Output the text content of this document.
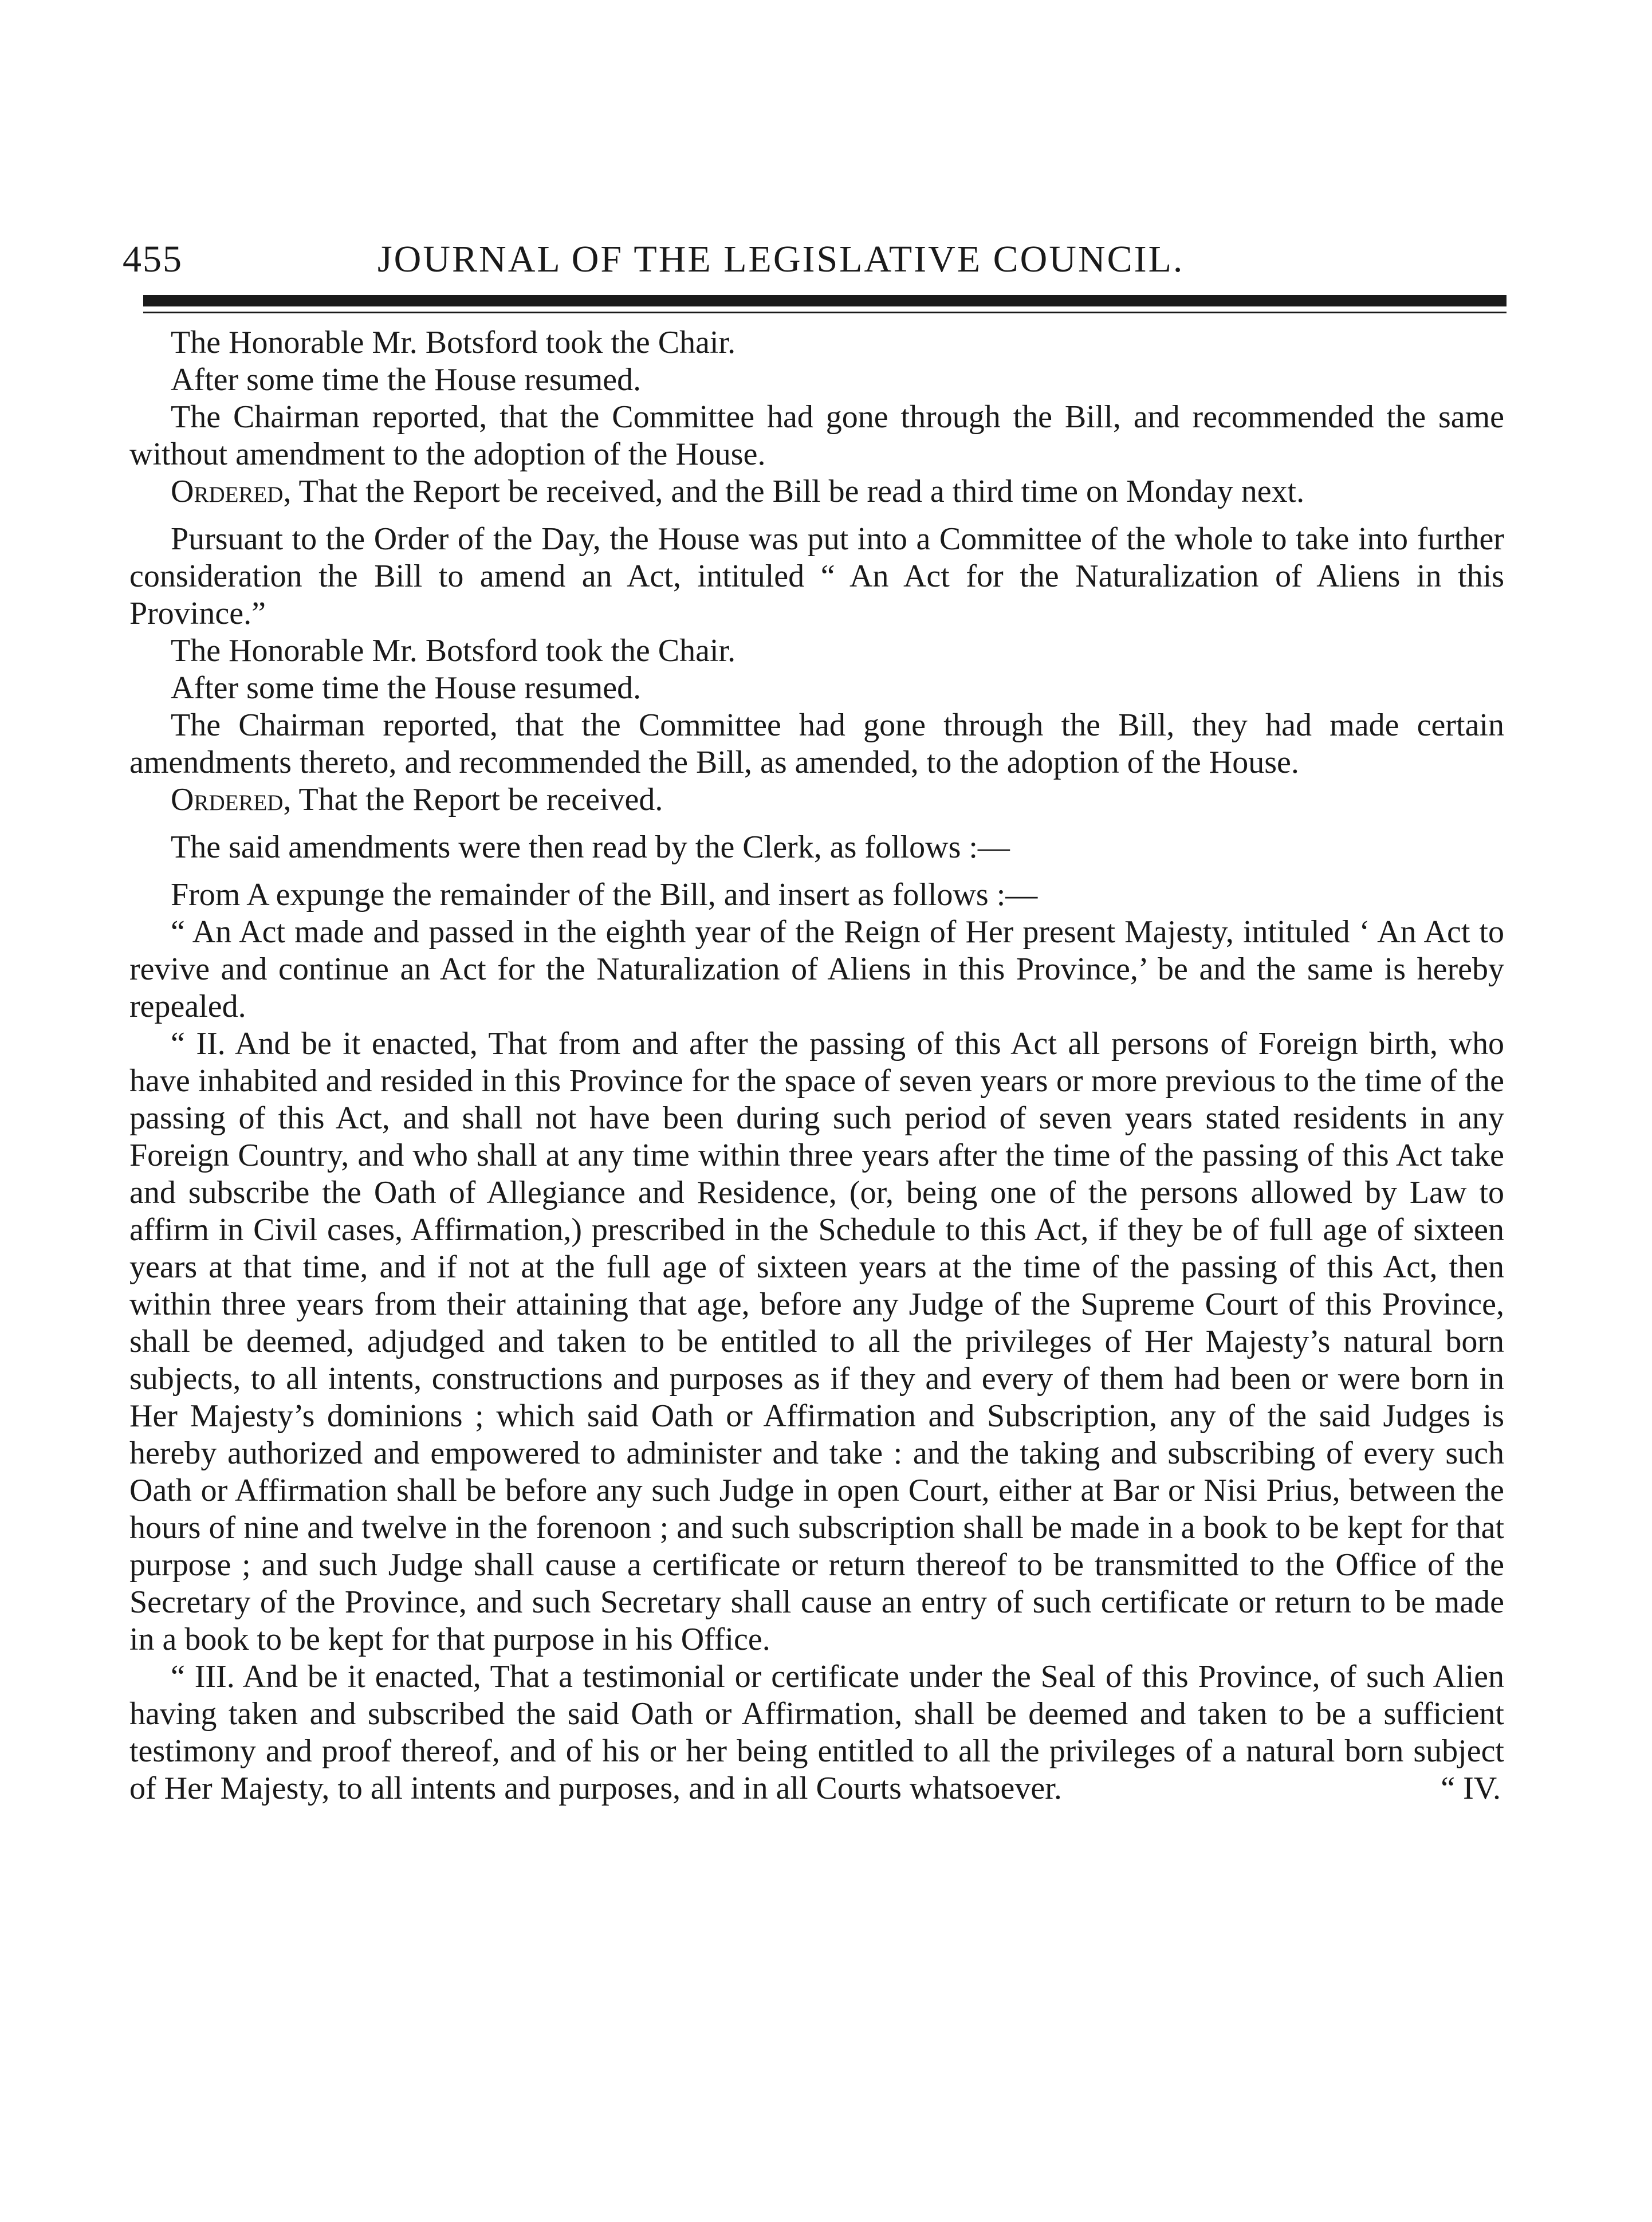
455	JOURNAL OF THE LEGISLATIVE COUNCIL.

The Honorable Mr. Botsford took the Chair.

After some time the House resumed.

The Chairman reported, that the Committee had gone through the Bill, and recommended the same without amendment to the adoption of the House.

Ordered, That the Report be received, and the Bill be read a third time on Monday next.

Pursuant to the Order of the Day, the House was put into a Committee of the whole to take into further consideration the Bill to amend an Act, intituled “ An Act for the Naturalization of Aliens in this Province.”

The Honorable Mr. Botsford took the Chair.

After some time the House resumed.

The Chairman reported, that the Committee had gone through the Bill, they had made certain amendments thereto, and recommended the Bill, as amended, to the adoption of the House.

Ordered, That the Report be received.

The said amendments were then read by the Clerk, as follows :—

From A expunge the remainder of the Bill, and insert as follows :—

“ An Act made and passed in the eighth year of the Reign of Her present Majesty, intituled ‘ An Act to revive and continue an Act for the Naturalization of Aliens in this Province,’ be and the same is hereby repealed.

“ II. And be it enacted, That from and after the passing of this Act all persons of Foreign birth, who have inhabited and resided in this Province for the space of seven years or more previous to the time of the passing of this Act, and shall not have been during such period of seven years stated residents in any Foreign Country, and who shall at any time within three years after the time of the passing of this Act take and subscribe the Oath of Allegiance and Residence, (or, being one of the persons allowed by Law to affirm in Civil cases, Affirmation,) prescribed in the Schedule to this Act, if they be of full age of sixteen years at that time, and if not at the full age of sixteen years at the time of the passing of this Act, then within three years from their attaining that age, before any Judge of the Supreme Court of this Province, shall be deemed, adjudged and taken to be entitled to all the privileges of Her Majesty’s natural born subjects, to all intents, constructions and purposes as if they and every of them had been or were born in Her Majesty’s dominions ; which said Oath or Affirmation and Subscription, any of the said Judges is hereby authorized and empowered to administer and take : and the taking and subscribing of every such Oath or Affirmation shall be before any such Judge in open Court, either at Bar or Nisi Prius, between the hours of nine and twelve in the forenoon ; and such subscription shall be made in a book to be kept for that purpose ; and such Judge shall cause a certificate or return thereof to be transmitted to the Office of the Secretary of the Province, and such Secretary shall cause an entry of such certificate or return to be made in a book to be kept for that purpose in his Office.

“ III. And be it enacted, That a testimonial or certificate under the Seal of this Province, of such Alien having taken and subscribed the said Oath or Affirmation, shall be deemed and taken to be a sufficient testimony and proof thereof, and of his or her being entitled to all the privileges of a natural born subject of Her Majesty, to all intents and purposes, and in all Courts whatsoever.	“ IV.
